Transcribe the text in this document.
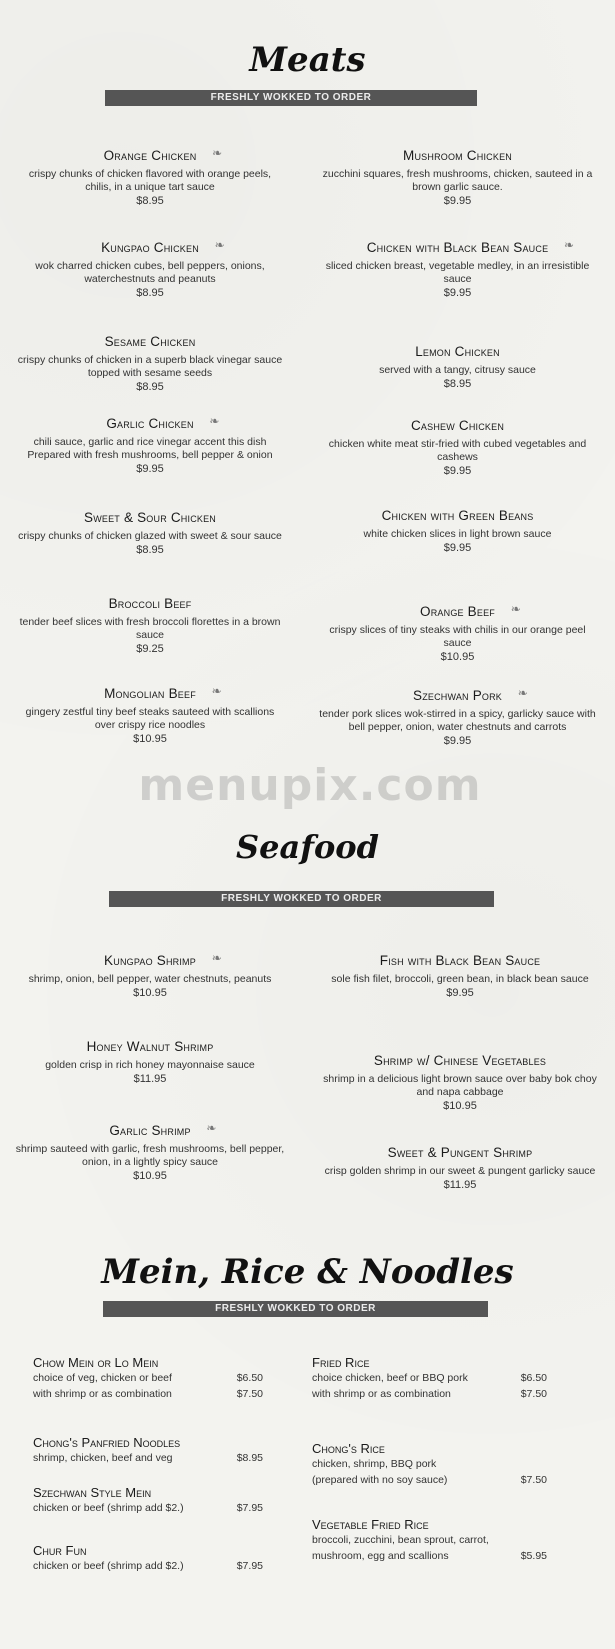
Meats
FRESHLY WOKKED TO ORDER
Orange Chicken ❧
crispy chunks of chicken flavored with orange peels, chilis, in a unique tart sauce
$8.95
Kungpao Chicken ❧
wok charred chicken cubes, bell peppers, onions, waterchestnuts and peanuts
$8.95
Sesame Chicken
crispy chunks of chicken in a superb black vinegar sauce topped with sesame seeds
$8.95
Garlic Chicken ❧
chili sauce, garlic and rice vinegar accent this dish Prepared with fresh mushrooms, bell pepper & onion
$9.95
Sweet & Sour Chicken
crispy chunks of chicken glazed with sweet & sour sauce
$8.95
Broccoli Beef
tender beef slices with fresh broccoli florettes in a brown sauce
$9.25
Mongolian Beef ❧
gingery zestful tiny beef steaks sauteed with scallions over crispy rice noodles
$10.95
Mushroom Chicken
zucchini squares, fresh mushrooms, chicken, sauteed in a brown garlic sauce.
$9.95
Chicken with Black Bean Sauce ❧
sliced chicken breast, vegetable medley, in an irresistible sauce
$9.95
Lemon Chicken
served with a tangy, citrusy sauce
$8.95
Cashew Chicken
chicken white meat stir-fried with cubed vegetables and cashews
$9.95
Chicken with Green Beans
white chicken slices in light brown sauce
$9.95
Orange Beef ❧
crispy slices of tiny steaks with chilis in our orange peel sauce
$10.95
Szechwan Pork ❧
tender pork slices wok-stirred in a spicy, garlicky sauce with bell pepper, onion, water chestnuts and carrots
$9.95
menupix.com
Seafood
FRESHLY WOKKED TO ORDER
Kungpao Shrimp ❧
shrimp, onion, bell pepper, water chestnuts, peanuts
$10.95
Honey Walnut Shrimp
golden crisp in rich honey mayonnaise sauce
$11.95
Garlic Shrimp ❧
shrimp sauteed with garlic, fresh mushrooms, bell pepper, onion, in a lightly spicy sauce
$10.95
Fish with Black Bean Sauce
sole fish filet, broccoli, green bean, in black bean sauce
$9.95
Shrimp w/ Chinese Vegetables
shrimp in a delicious light brown sauce over baby bok choy and napa cabbage
$10.95
Sweet & Pungent Shrimp
crisp golden shrimp in our sweet & pungent garlicky sauce
$11.95
Mein, Rice & Noodles
FRESHLY WOKKED TO ORDER
Chow Mein or Lo Mein
choice of veg, chicken or beef	$6.50
with shrimp or as combination	$7.50
Chong's Panfried Noodles
shrimp, chicken, beef and veg	$8.95
Szechwan Style Mein
chicken or beef (shrimp add $2.)	$7.95
Chur Fun
chicken or beef (shrimp add $2.)	$7.95
Fried Rice
choice chicken, beef or BBQ pork	$6.50
with shrimp or as combination	$7.50
Chong's Rice
chicken, shrimp, BBQ pork
(prepared with no soy sauce)	$7.50
Vegetable Fried Rice
broccoli, zucchini, bean sprout, carrot,
mushroom, egg and scallions	$5.95
